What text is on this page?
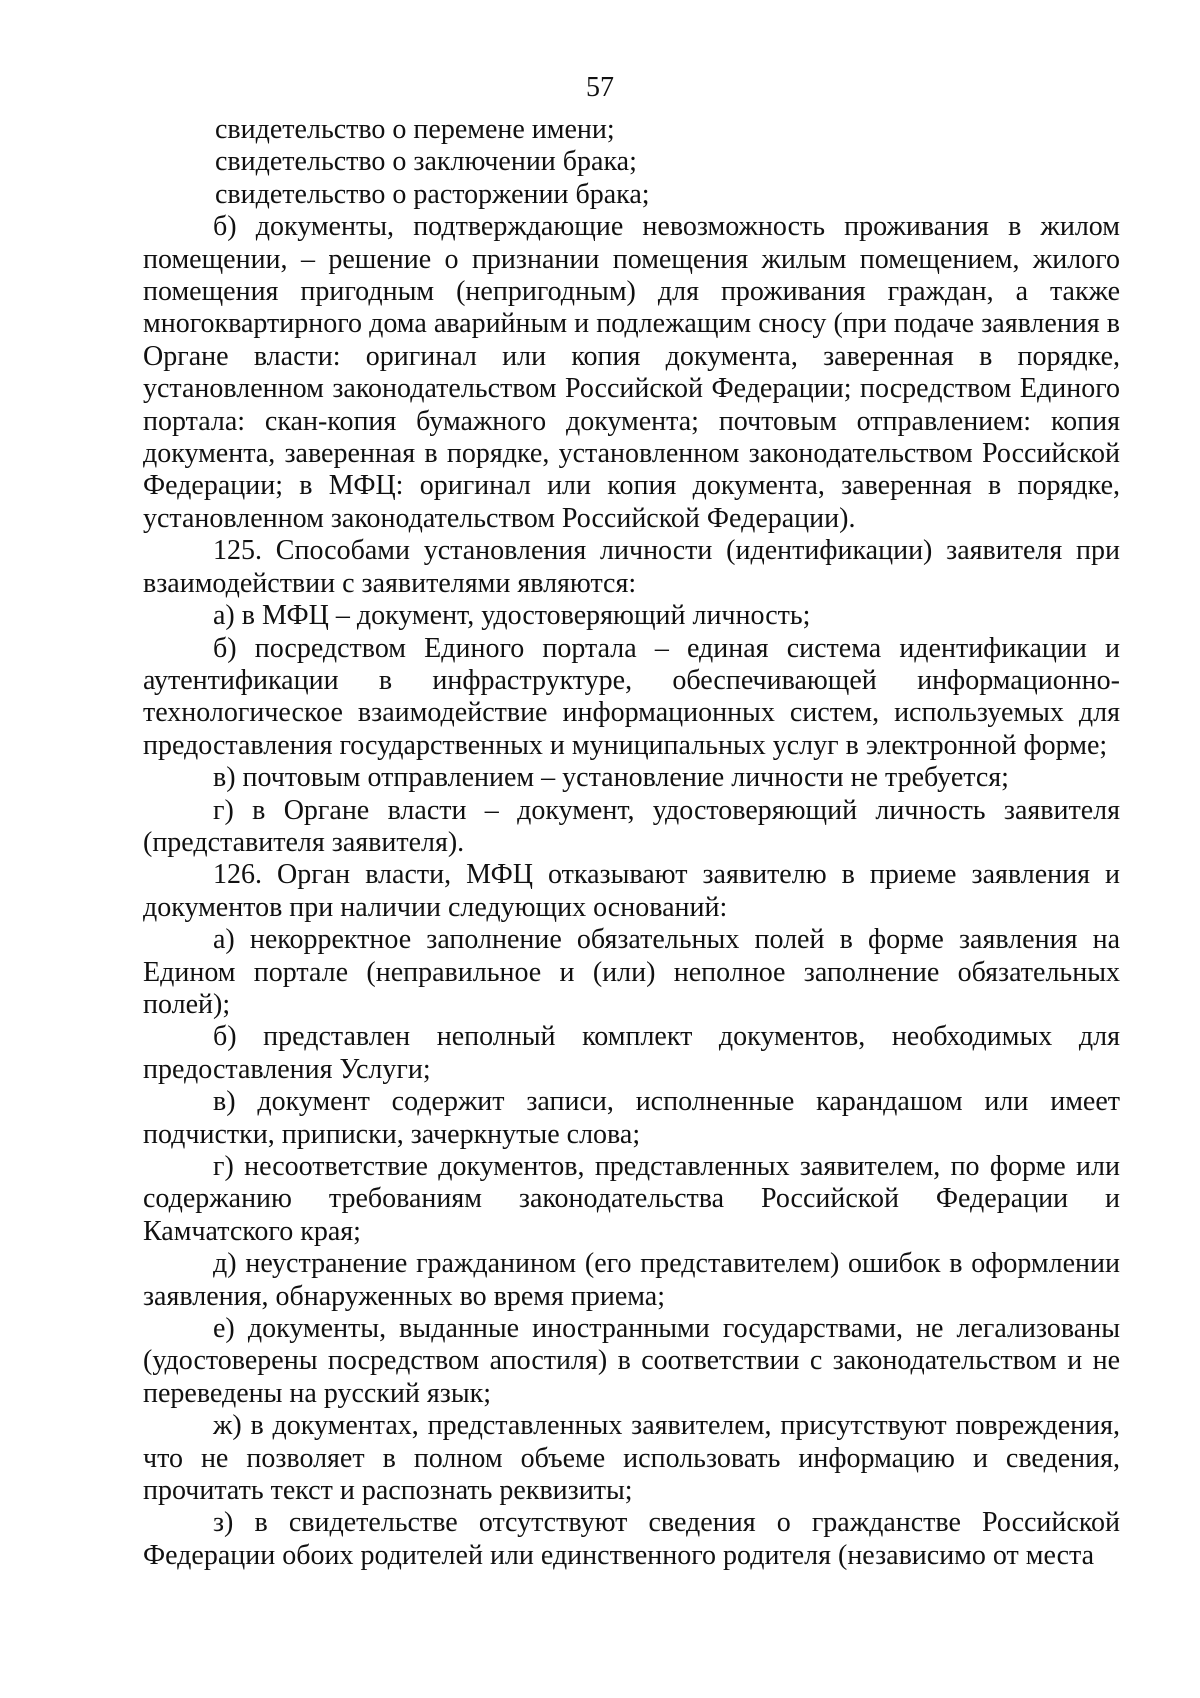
57

свидетельство о перемене имени;

свидетельство о заключении брака;

свидетельство о расторжении брака;

б) документы, подтверждающие невозможность проживания в жилом помещении, – решение о признании помещения жилым помещением, жилого помещения пригодным (непригодным) для проживания граждан, а также многоквартирного дома аварийным и подлежащим сносу (при подаче заявления в Органе власти: оригинал или копия документа, заверенная в порядке, установленном законодательством Российской Федерации; посредством Единого портала: скан-копия бумажного документа; почтовым отправлением: копия документа, заверенная в порядке, установленном законодательством Российской Федерации; в МФЦ: оригинал или копия документа, заверенная в порядке, установленном законодательством Российской Федерации).

125. Способами установления личности (идентификации) заявителя при взаимодействии с заявителями являются:

а) в МФЦ – документ, удостоверяющий личность;

б) посредством Единого портала – единая система идентификации и аутентификации в инфраструктуре, обеспечивающей информационно-технологическое взаимодействие информационных систем, используемых для предоставления государственных и муниципальных услуг в электронной форме;

в) почтовым отправлением – установление личности не требуется;

г) в Органе власти – документ, удостоверяющий личность заявителя (представителя заявителя).

126. Орган власти, МФЦ отказывают заявителю в приеме заявления и документов при наличии следующих оснований:

а) некорректное заполнение обязательных полей в форме заявления на Едином портале (неправильное и (или) неполное заполнение обязательных полей);

б) представлен неполный комплект документов, необходимых для предоставления Услуги;

в) документ содержит записи, исполненные карандашом или имеет подчистки, приписки, зачеркнутые слова;

г) несоответствие документов, представленных заявителем, по форме или содержанию требованиям законодательства Российской Федерации и Камчатского края;

д) неустранение гражданином (его представителем) ошибок в оформлении заявления, обнаруженных во время приема;

е) документы, выданные иностранными государствами, не легализованы (удостоверены посредством апостиля) в соответствии с законодательством и не переведены на русский язык;

ж) в документах, представленных заявителем, присутствуют повреждения, что не позволяет в полном объеме использовать информацию и сведения, прочитать текст и распознать реквизиты;

з) в свидетельстве отсутствуют сведения о гражданстве Российской Федерации обоих родителей или единственного родителя (независимо от места
